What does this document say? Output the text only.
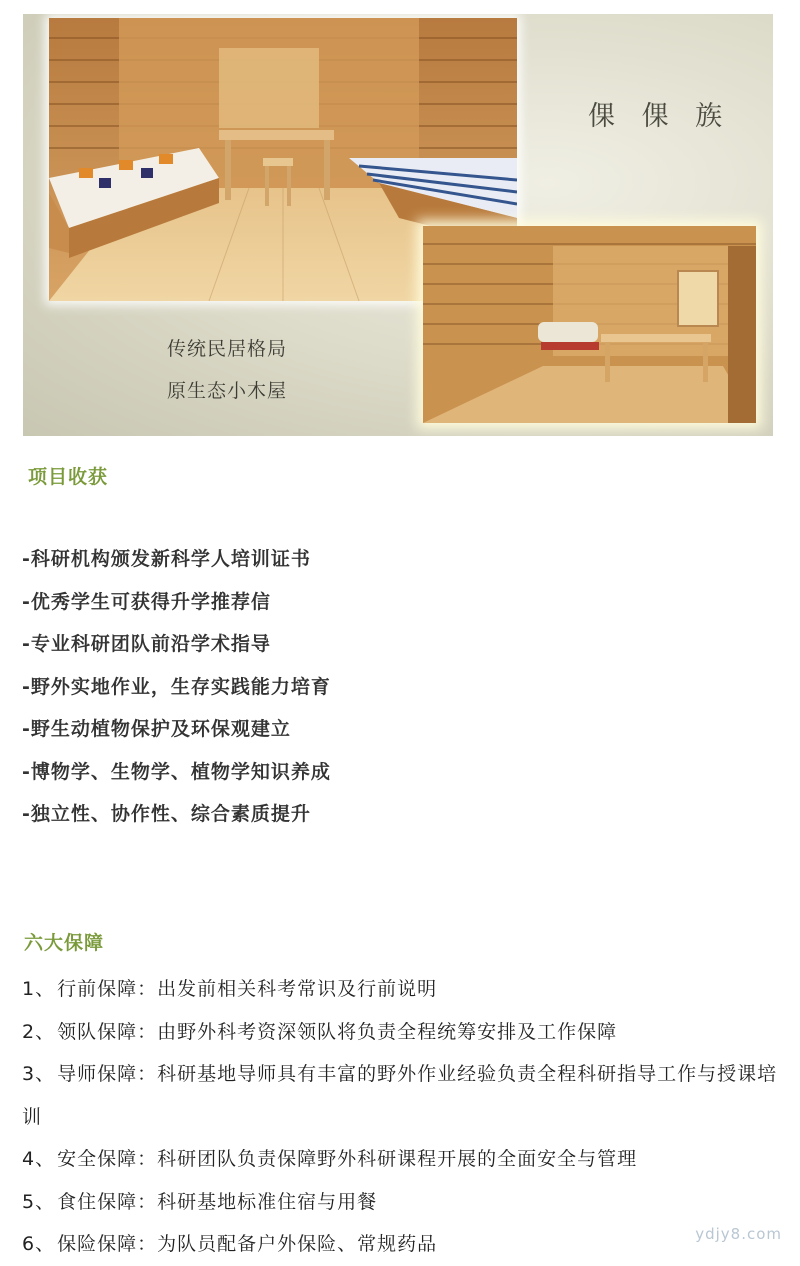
倮 倮 族
传统民居格局
原生态小木屋
项目收获
-科研机构颁发新科学人培训证书
-优秀学生可获得升学推荐信
-专业科研团队前沿学术指导
-野外实地作业，生存实践能力培育
-野生动植物保护及环保观建立
-博物学、生物学、植物学知识养成
-独立性、协作性、综合素质提升
六大保障
1、 行前保障：出发前相关科考常识及行前说明
2、 领队保障：由野外科考资深领队将负责全程统筹安排及工作保障
3、 导师保障：科研基地导师具有丰富的野外作业经验负责全程科研指导工作与授课培训
4、 安全保障：科研团队负责保障野外科研课程开展的全面安全与管理
5、 食住保障：科研基地标准住宿与用餐
6、 保险保障：为队员配备户外保险、常规药品	ydjy8.com
